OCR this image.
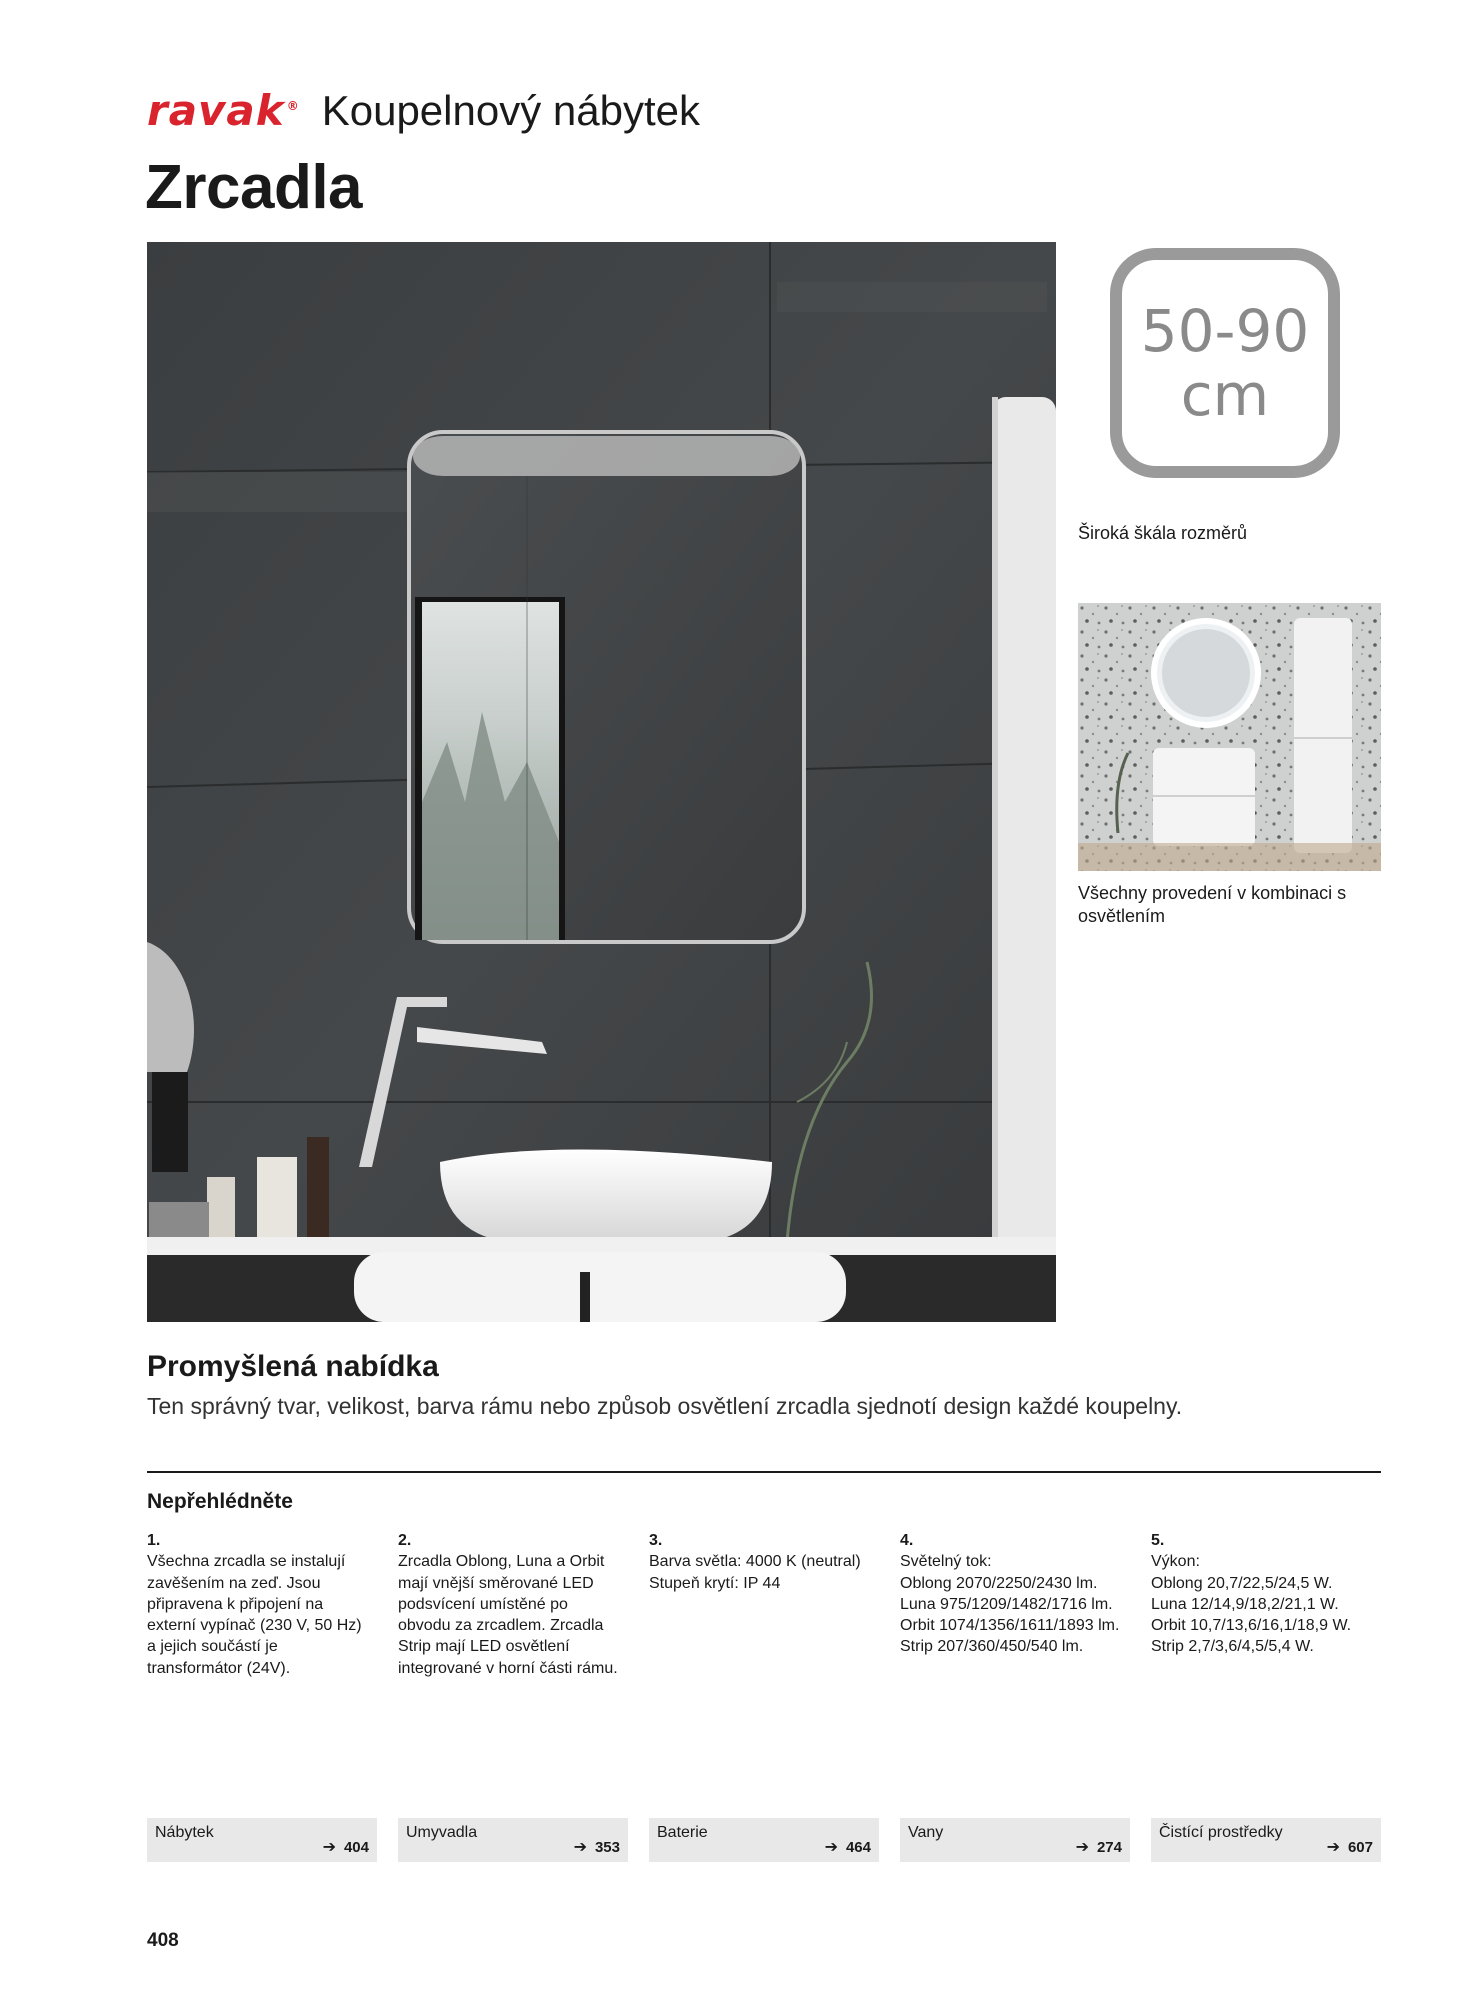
ravak ® Koupelnový nábytek
Zrcadla
50-90
cm
Široká škála rozměrů
Všechny provedení v kombinaci s osvětlením
Promyšlená nabídka
Ten správný tvar, velikost, barva rámu nebo způsob osvětlení zrcadla sjednotí design každé koupelny.
Nepřehlédněte
1.
Všechna zrcadla se instalují zavěšením na zeď. Jsou připravena k připojení na externí vypínač (230 V, 50 Hz) a jejich součástí je transformátor (24V).
2.
Zrcadla Oblong, Luna a Orbit mají vnější směrované LED podsvícení umístěné po obvodu za zrcadlem. Zrcadla Strip mají LED osvětlení integrované v horní části rámu.
3.
Barva světla: 4000 K (neutral)
Stupeň krytí: IP 44
4.
Světelný tok:
Oblong 2070/2250/2430 lm.
Luna 975/1209/1482/1716 lm.
Orbit 1074/1356/1611/1893 lm.
Strip 207/360/450/540 lm.
5.
Výkon:
Oblong 20,7/22,5/24,5 W.
Luna 12/14,9/18,2/21,1 W.
Orbit 10,7/13,6/16,1/18,9 W.
Strip 2,7/3,6/4,5/5,4 W.
Nábytek
➔ 404
Umyvadla
➔ 353
Baterie
➔ 464
Vany
➔ 274
Čistící prostředky
➔ 607
408
